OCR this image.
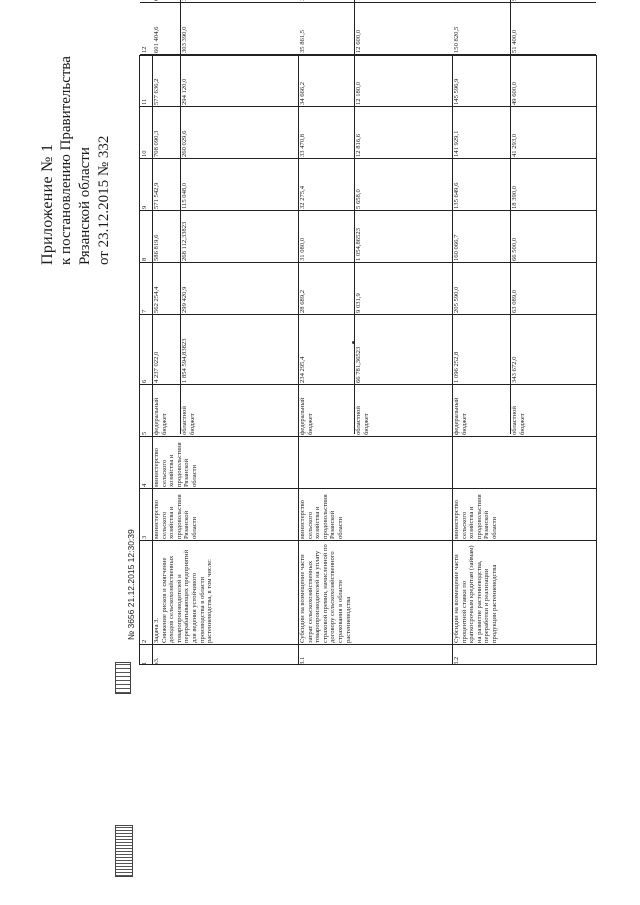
Приложение № 1 к постановлению Правительства Рязанской области от 23.12.2015 № 332
1
2
3
4
5
6
7
8
9
10
11
12
з3.
Задача 3.
Снижение рисков и смягчение доходов сельскохозяйственных товаропроизводителей и перерабатывающих предприятий для ведения устойчивого производства в области растениеводства, в том числе:
министерство сельского хозяйства и продовольствия Рязанской области
министерство сельского хозяйства и продовольствия Рязанской области
федеральный бюджет
4 237 022,0
562 254,4
586 819,6
571 542,9
708 090,3
577 636,2
601 404,6
областной бюджет
1 854 594,83823
299 420,9
268 112,33823
115 048,0
260 029,6
294 120,0
303 390,0
3.1
Субсидии на возмещение части затрат сельскохозяйственных товаропроизводителей на уплату страховой премии, начисленной по договору сельскохозяйственного страхования в области растениеводства
министерство сельского хозяйства и продовольствия Рязанской области
федеральный бюджет
234 295,4
28 689,2
31 080,0
32 275,4
33 470,8
34 666,2
35 861,5
областной бюджет
66 781,36523
9 031,9
1 054,86523
5 658,0
12 816,6
12 180,0
12 600,0
3.2
Субсидии на возмещение части процентной ставки по краткосрочным кредитам (займам) на развитие растениеводства, переработки и реализации продукции растениеводства
министерство сельского хозяйства и продовольствия Рязанской области
федеральный бюджет
1 096 252,8
205 590,0
160 066,7
135 649,6
141 929,1
145 596,9
150 820,5
областной бюджет
343 672,0
63 089,0
66 500,0
18 390,0
41 293,0
49 600,0
51 400,0
№ 3656 21.12.2015 12:30:39
